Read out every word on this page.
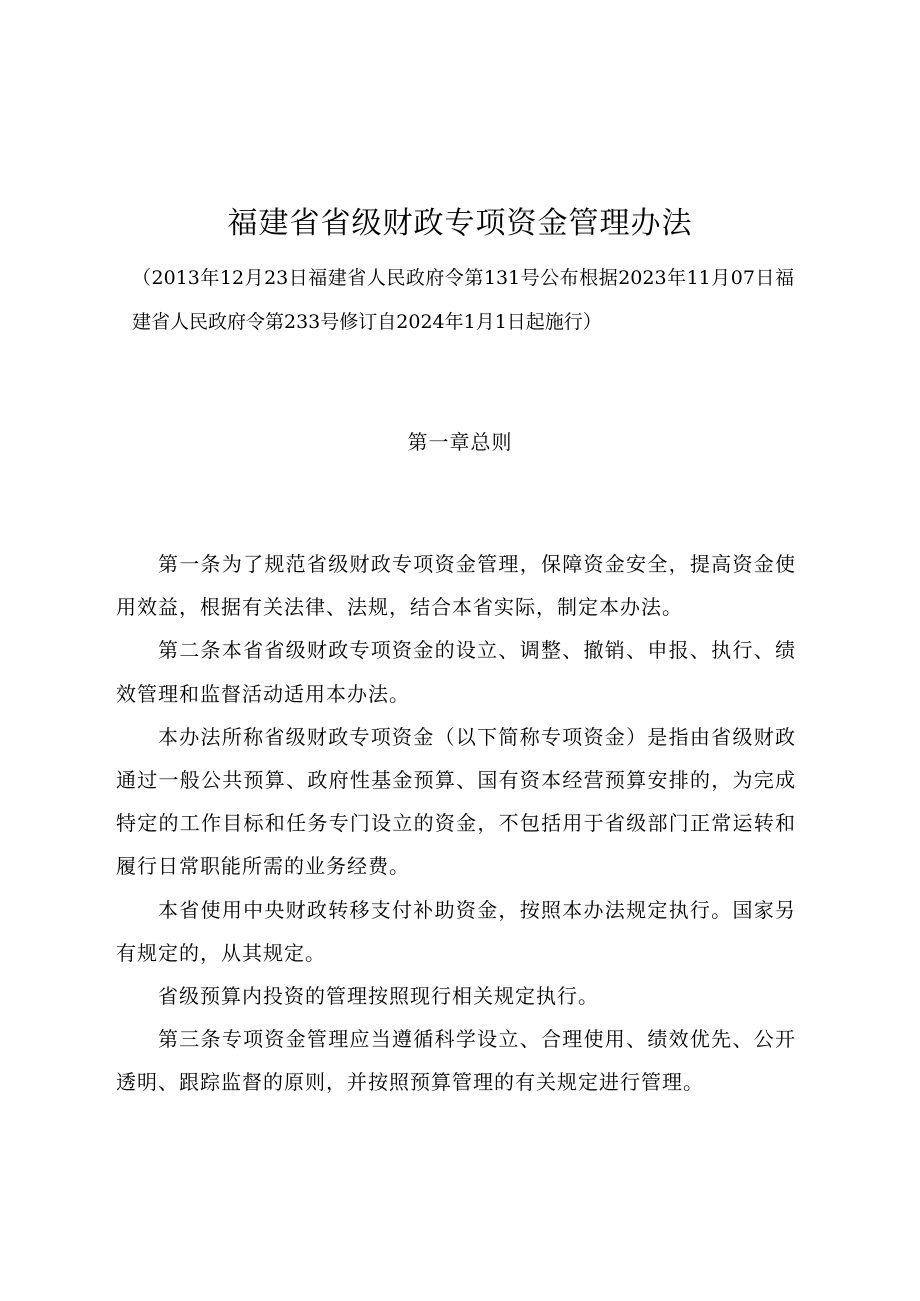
福建省省级财政专项资金管理办法

（2013年12月23日福建省人民政府令第131号公布根据2023年11月07日福建省人民政府令第233号修订自2024年1月1日起施行）

第一章总则

第一条为了规范省级财政专项资金管理，保障资金安全，提高资金使用效益，根据有关法律、法规，结合本省实际，制定本办法。

第二条本省省级财政专项资金的设立、调整、撤销、申报、执行、绩效管理和监督活动适用本办法。

本办法所称省级财政专项资金（以下简称专项资金）是指由省级财政通过一般公共预算、政府性基金预算、国有资本经营预算安排的，为完成特定的工作目标和任务专门设立的资金，不包括用于省级部门正常运转和履行日常职能所需的业务经费。

本省使用中央财政转移支付补助资金，按照本办法规定执行。国家另有规定的，从其规定。

省级预算内投资的管理按照现行相关规定执行。

第三条专项资金管理应当遵循科学设立、合理使用、绩效优先、公开透明、跟踪监督的原则，并按照预算管理的有关规定进行管理。
